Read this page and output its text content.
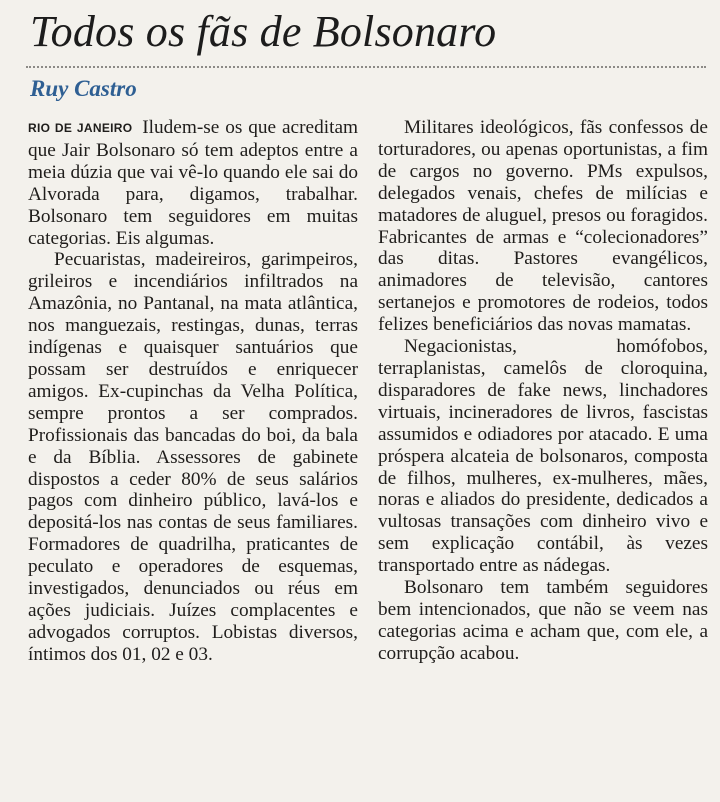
Todos os fãs de Bolsonaro
Ruy Castro

RIO DE JANEIRO Iludem-se os que acreditam que Jair Bolsonaro só tem adeptos entre a meia dúzia que vai vê-lo quando ele sai do Alvorada para, digamos, trabalhar. Bolsonaro tem seguidores em muitas categorias. Eis algumas.

Pecuaristas, madeireiros, garimpeiros, grileiros e incendiários infiltrados na Amazônia, no Pantanal, na mata atlântica, nos manguezais, restingas, dunas, terras indígenas e quaisquer santuários que possam ser destruídos e enriquecer amigos. Ex-cupinchas da Velha Política, sempre prontos a ser comprados. Profissionais das bancadas do boi, da bala e da Bíblia. Assessores de gabinete dispostos a ceder 80% de seus salários pagos com dinheiro público, lavá-los e depositá-los nas contas de seus familiares. Formadores de quadrilha, praticantes de peculato e operadores de esquemas, investigados, denunciados ou réus em ações judiciais. Juízes complacentes e advogados corruptos. Lobistas diversos, íntimos dos 01, 02 e 03.

Militares ideológicos, fãs confessos de torturadores, ou apenas oportunistas, a fim de cargos no governo. PMs expulsos, delegados venais, chefes de milícias e matadores de aluguel, presos ou foragidos. Fabricantes de armas e “colecionadores” das ditas. Pastores evangélicos, animadores de televisão, cantores sertanejos e promotores de rodeios, todos felizes beneficiários das novas mamatas.

Negacionistas, homófobos, terraplanistas, camelôs de cloroquina, disparadores de fake news, linchadores virtuais, incineradores de livros, fascistas assumidos e odiadores por atacado. E uma próspera alcateia de bolsonaros, composta de filhos, mulheres, ex-mulheres, mães, noras e aliados do presidente, dedicados a vultosas transações com dinheiro vivo e sem explicação contábil, às vezes transportado entre as nádegas.

Bolsonaro tem também seguidores bem intencionados, que não se veem nas categorias acima e acham que, com ele, a corrupção acabou.
